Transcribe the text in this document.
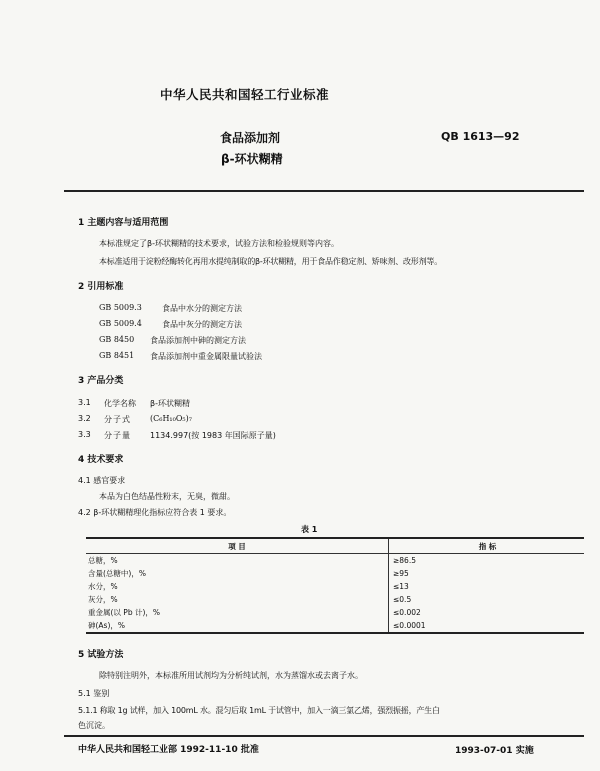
中华人民共和国轻工行业标准
食品添加剂
β-环状糊精
QB 1613—92
1 主题内容与适用范围
本标准规定了β-环状糊精的技术要求，试验方法和检验规则等内容。
本标准适用于淀粉经酶转化再用水提纯制取的β-环状糊精，用于食品作稳定剂、矫味剂、改形剂等。
2 引用标准
GB 5009.3	食品中水分的测定方法
GB 5009.4	食品中灰分的测定方法
GB 8450 食品添加剂中砷的测定方法
GB 8451 食品添加剂中重金属限量试验法
3 产品分类
3.1 化学名称 β-环状糊精
3.2 分子式 (C₆H₁₀O₅)₇
3.3 分子量 1134.997(按 1983 年国际原子量)
4 技术要求
4.1 感官要求
本品为白色结晶性粉末，无臭，微甜。
4.2 β-环状糊精理化指标应符合表 1 要求。
表 1
项 目	指 标
总糖，%	≥86.5
含量(总糖中)，%	≥95
水分，%	≤13
灰分，%	≤0.5
重金属(以 Pb 计)，%	≤0.002
砷(As)，%	≤0.0001
5 试验方法
除特别注明外，本标准所用试剂均为分析纯试剂，水为蒸馏水或去离子水。
5.1 鉴别
5.1.1 称取 1g 试样，加入 100mL 水。混匀后取 1mL 于试管中，加入一滴三氯乙烯，强烈振摇，产生白
色沉淀。
中华人民共和国轻工业部 1992-11-10 批准	1993-07-01 实施
